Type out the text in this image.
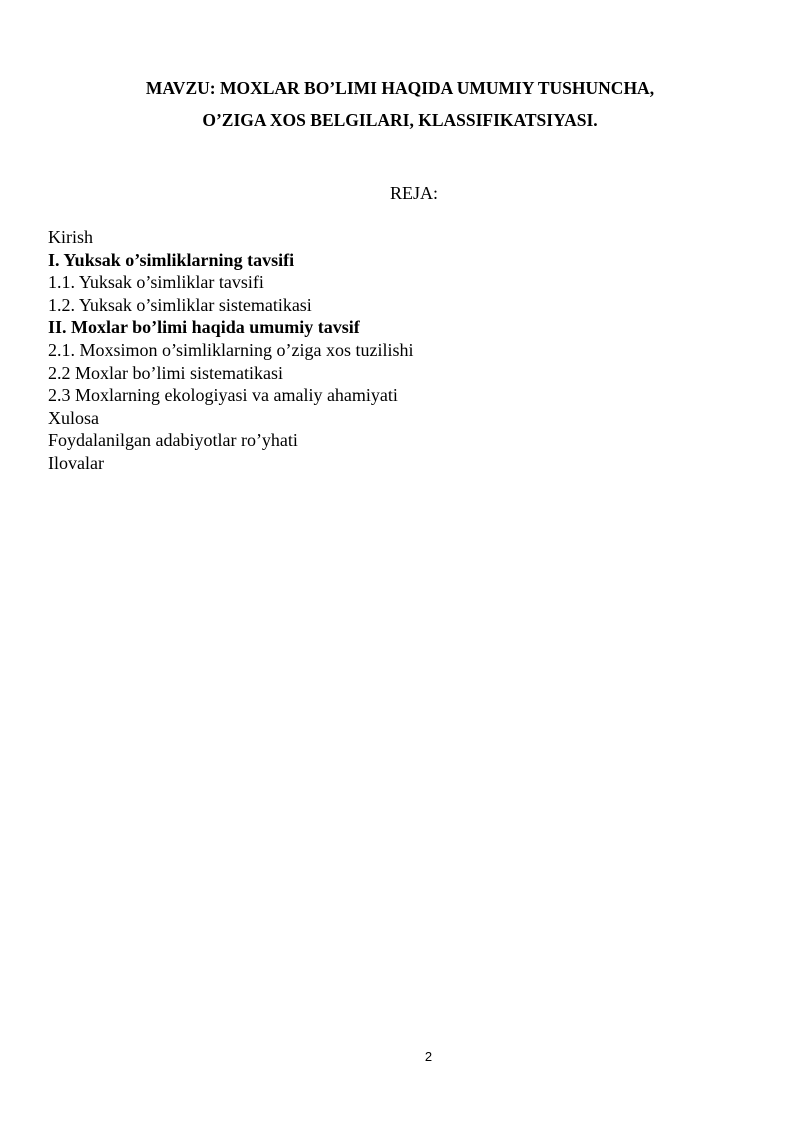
MAVZU: MOXLAR BO’LIMI HAQIDA UMUMIY TUSHUNCHA,
O’ZIGA XOS BELGILARI, KLASSIFIKATSIYASI.
REJA:
Kirish
I. Yuksak o’simliklarning tavsifi
1.1. Yuksak o’simliklar tavsifi
1.2. Yuksak o’simliklar sistematikasi
II. Moxlar bo’limi haqida umumiy tavsif
2.1. Moxsimon o’simliklarning o’ziga xos tuzilishi
2.2 Moxlar bo’limi sistematikasi
2.3 Moxlarning ekologiyasi va amaliy ahamiyati
Xulosa
Foydalanilgan adabiyotlar ro’yhati
Ilovalar
2
